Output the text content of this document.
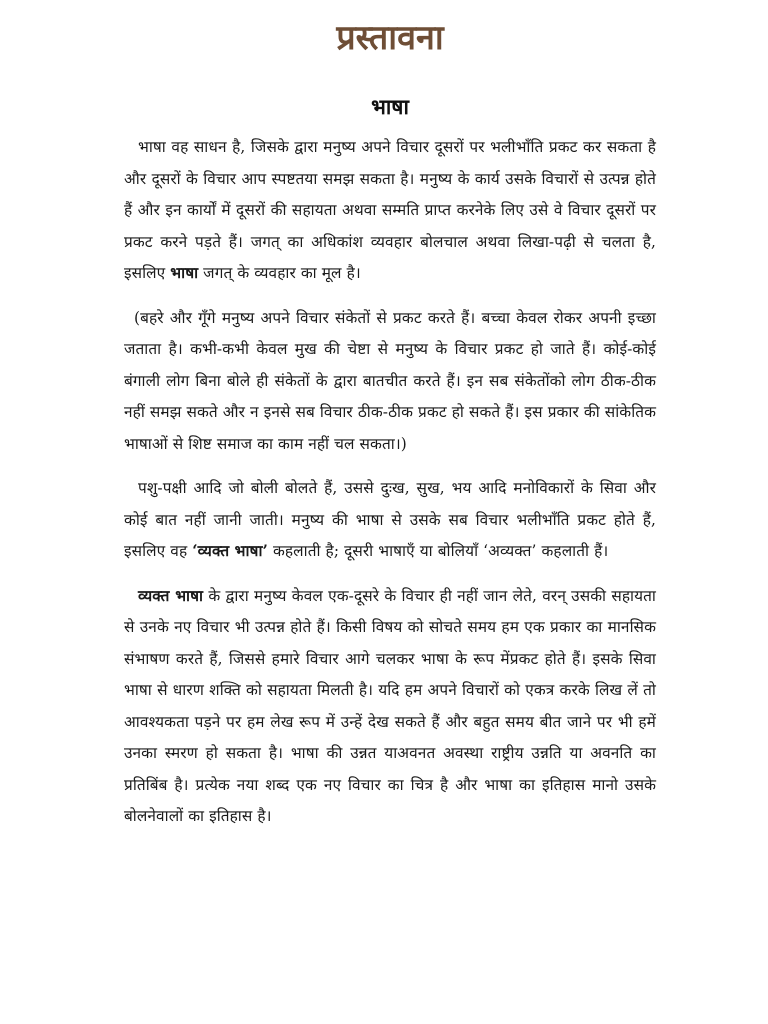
प्रस्तावना
भाषा

भाषा वह साधन है, जिसके द्वारा मनुष्य अपने विचार दूसरों पर भलीभाँति प्रकट कर सकता है और दूसरों के विचार आप स्पष्टतया समझ सकता है। मनुष्य के कार्य उसके विचारों से उत्पन्न होते हैं और इन कार्यों में दूसरों की सहायता अथवा सम्मति प्राप्त करनेके लिए उसे वे विचार दूसरों पर प्रकट करने पड़ते हैं। जगत् का अधिकांश व्यवहार बोलचाल अथवा लिखा-पढ़ी से चलता है, इसलिए भाषा जगत् के व्यवहार का मूल है।

(बहरे और गूँगे मनुष्य अपने विचार संकेतों से प्रकट करते हैं। बच्चा केवल रोकर अपनी इच्छा जताता है। कभी-कभी केवल मुख की चेष्टा से मनुष्य के विचार प्रकट हो जाते हैं। कोई-कोई बंगाली लोग बिना बोले ही संकेतों के द्वारा बातचीत करते हैं। इन सब संकेतोंको लोग ठीक-ठीक नहीं समझ सकते और न इनसे सब विचार ठीक-ठीक प्रकट हो सकते हैं। इस प्रकार की सांकेतिक भाषाओं से शिष्ट समाज का काम नहीं चल सकता।)

पशु-पक्षी आदि जो बोली बोलते हैं, उससे दुःख, सुख, भय आदि मनोविकारों के सिवा और कोई बात नहीं जानी जाती। मनुष्य की भाषा से उसके सब विचार भलीभाँति प्रकट होते हैं, इसलिए वह ‘व्यक्त भाषा’ कहलाती है; दूसरी भाषाएँ या बोलियाँ ‘अव्यक्त’ कहलाती हैं।

व्यक्त भाषा के द्वारा मनुष्य केवल एक-दूसरे के विचार ही नहीं जान लेते, वरन् उसकी सहायता से उनके नए विचार भी उत्पन्न होते हैं। किसी विषय को सोचते समय हम एक प्रकार का मानसिक संभाषण करते हैं, जिससे हमारे विचार आगे चलकर भाषा के रूप मेंप्रकट होते हैं। इसके सिवा भाषा से धारण शक्ति को सहायता मिलती है। यदि हम अपने विचारों को एकत्र करके लिख लें तो आवश्यकता पड़ने पर हम लेख रूप में उन्हें देख सकते हैं और बहुत समय बीत जाने पर भी हमें उनका स्मरण हो सकता है। भाषा की उन्नत याअवनत अवस्था राष्ट्रीय उन्नति या अवनति का प्रतिबिंब है। प्रत्येक नया शब्द एक नए विचार का चित्र है और भाषा का इतिहास मानो उसके बोलनेवालों का इतिहास है।
